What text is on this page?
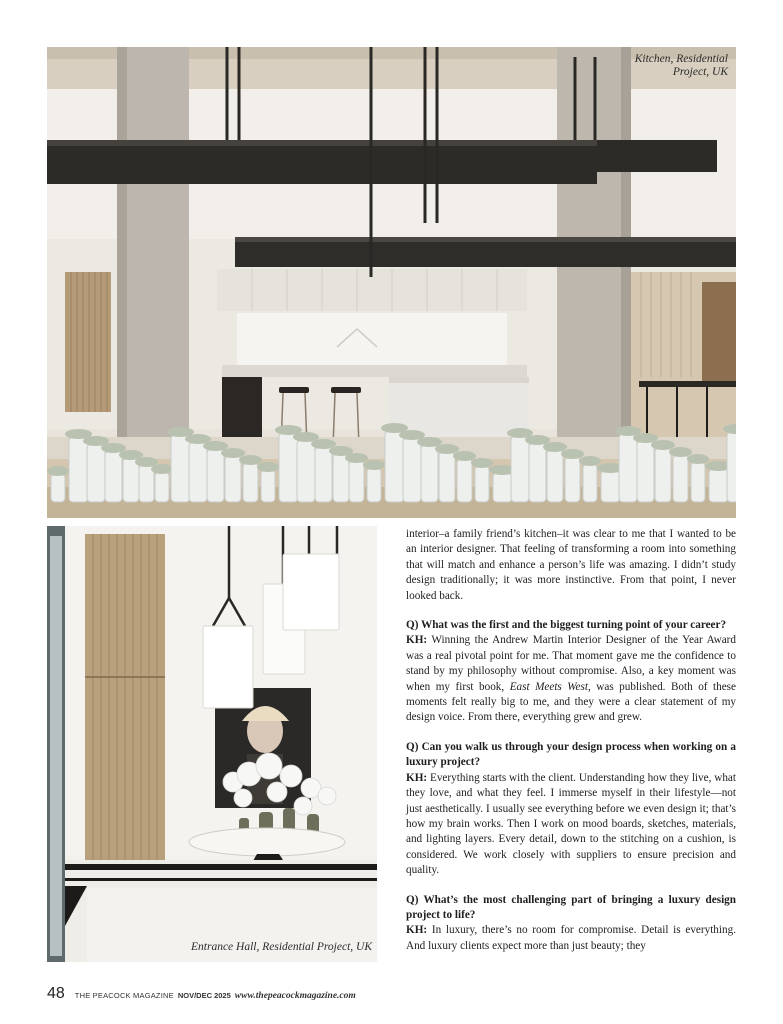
Kitchen, Residential Project, UK
Entrance Hall, Residential Project, UK

interior–a family friend’s kitchen–it was clear to me that I wanted to be an interior designer. That feeling of transforming a room into something that will match and enhance a person’s life was amazing. I didn’t study design traditionally; it was more instinctive. From that point, I never looked back.

Q) What was the first and the biggest turning point of your career?

KH: Winning the Andrew Martin Interior Designer of the Year Award was a real pivotal point for me. That moment gave me the confidence to stand by my philosophy without compromise. Also, a key moment was when my first book, East Meets West, was published. Both of these moments felt really big to me, and they were a clear statement of my design voice. From there, everything grew and grew.

Q) Can you walk us through your design process when working on a luxury project?

KH: Everything starts with the client. Understanding how they live, what they love, and what they feel. I immerse myself in their lifestyle—not just aesthetically. I usually see everything before we even design it; that’s how my brain works. Then I work on mood boards, sketches, materials, and lighting layers. Every detail, down to the stitching on a cushion, is considered. We work closely with suppliers to ensure precision and quality.

Q) What’s the most challenging part of bringing a luxury design project to life?

KH: In luxury, there’s no room for compromise. Detail is everything. And luxury clients expect more than just beauty; they

48 THE PEACOCK MAGAZINE NOV/DEC 2025 www.thepeacockmagazine.com
